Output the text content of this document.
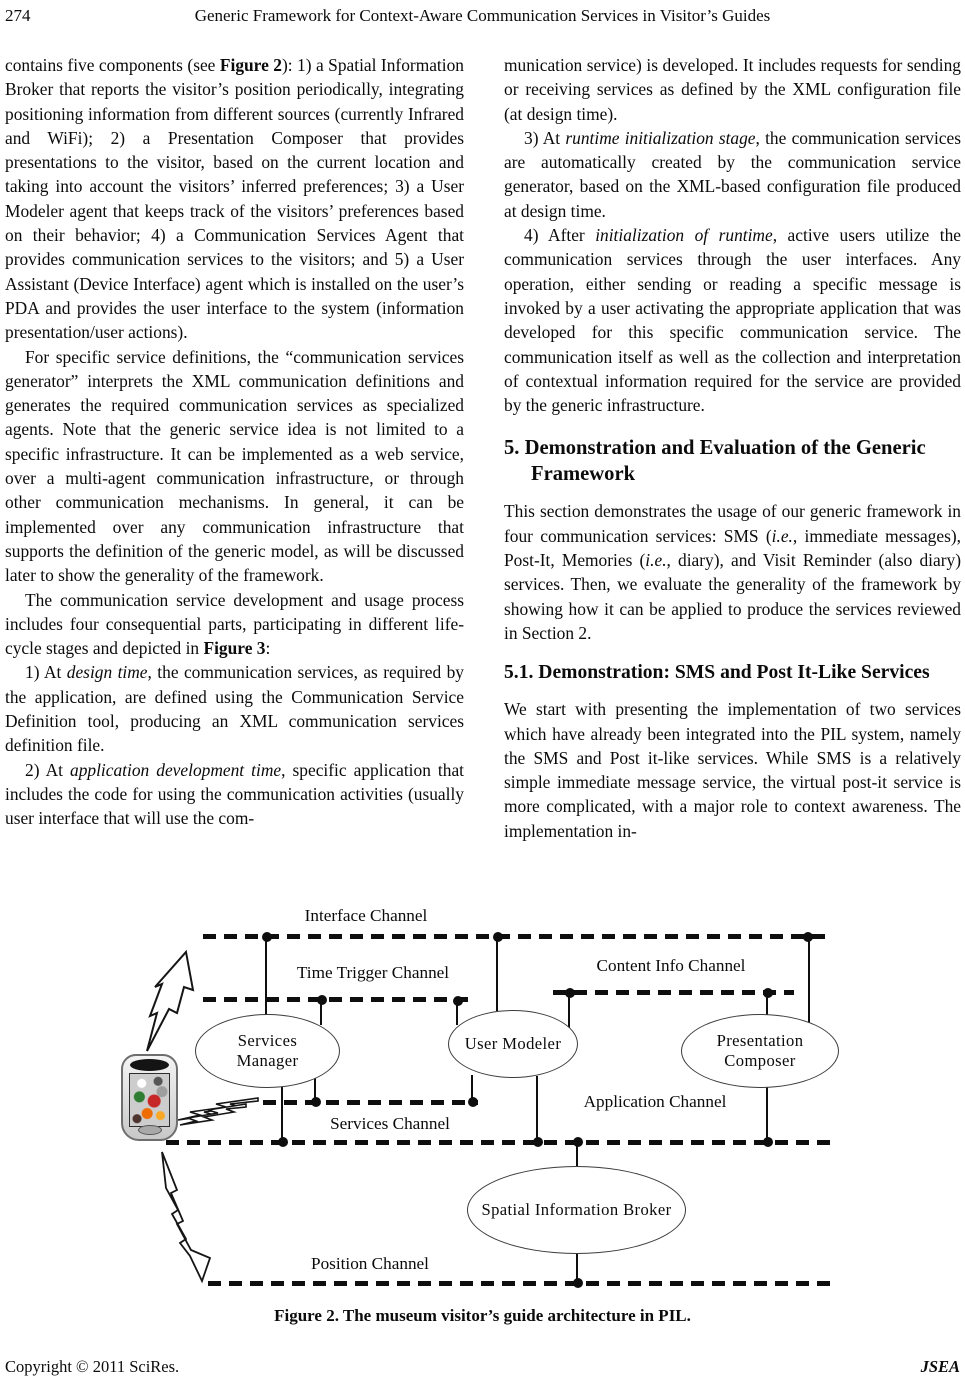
274	Generic Framework for Context-Aware Communication Services in Visitor’s Guides

contains five components (see Figure 2): 1) a Spatial Information Broker that reports the visitor’s position periodically, integrating positioning information from different sources (currently Infrared and WiFi); 2) a Presentation Composer that provides presentations to the visitor, based on the current location and taking into account the visitors’ inferred preferences; 3) a User Modeler agent that keeps track of the visitors’ preferences based on their behavior; 4) a Communication Services Agent that provides communication services to the visitors; and 5) a User Assistant (Device Interface) agent which is installed on the user’s PDA and provides the user interface to the system (information presentation/user actions).

For specific service definitions, the “communication services generator” interprets the XML communication definitions and generates the required communication services as specialized agents. Note that the generic service idea is not limited to a specific infrastructure. It can be implemented as a web service, over a multi-agent communication infrastructure, or through other communication mechanisms. In general, it can be implemented over any communication infrastructure that supports the definition of the generic model, as will be discussed later to show the generality of the framework.

The communication service development and usage process includes four consequential parts, participating in different life-cycle stages and depicted in Figure 3:

1) At design time, the communication services, as required by the application, are defined using the Communication Service Definition tool, producing an XML communication services definition file.

2) At application development time, specific application that includes the code for using the communication activities (usually user interface that will use the com-

munication service) is developed. It includes requests for sending or receiving services as defined by the XML configuration file (at design time).

3) At runtime initialization stage, the communication services are automatically created by the communication service generator, based on the XML-based configuration file produced at design time.

4) After initialization of runtime, active users utilize the communication services through the user interfaces. Any operation, either sending or reading a specific message is invoked by a user activating the appropriate application that was developed for this specific communication service. The communication itself as well as the collection and interpretation of contextual information required for the service are provided by the generic infrastructure.

5. Demonstration and Evaluation of the Generic Framework

This section demonstrates the usage of our generic framework in four communication services: SMS (i.e., immediate messages), Post-It, Memories (i.e., diary), and Visit Reminder (also diary) services. Then, we evaluate the generality of the framework by showing how it can be applied to produce the services reviewed in Section 2.

5.1. Demonstration: SMS and Post It-Like Services

We start with presenting the implementation of two services which have already been integrated into the PIL system, namely the SMS and Post it-like services. While SMS is a relatively simple immediate message service, the virtual post-it service is more complicated, with a major role to context awareness. The implementation in-

Interface Channel
Time Trigger Channel	Content Info Channel
Application Channel
Services Channel
Position Channel
Services Manager
User Modeler	Presentation Composer
Spatial Information Broker
Figure 2. The museum visitor’s guide architecture in PIL.
Copyright © 2011 SciRes.	JSEA
